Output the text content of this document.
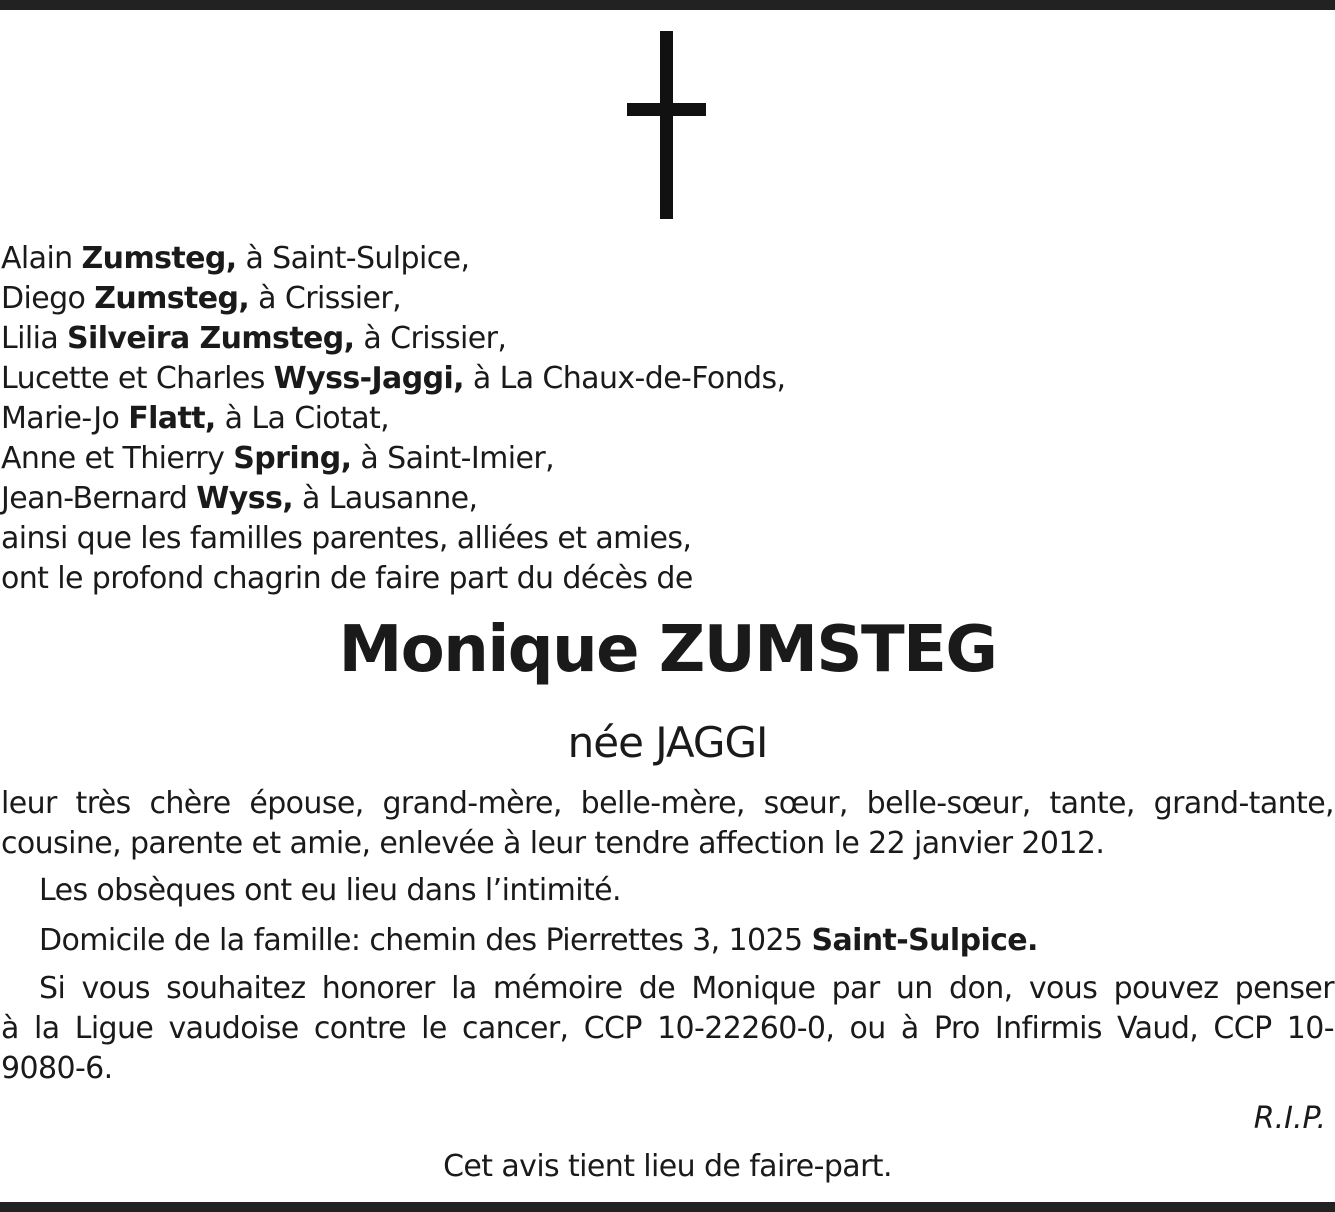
Alain Zumsteg, à Saint-Sulpice,
Diego Zumsteg, à Crissier,
Lilia Silveira Zumsteg, à Crissier,
Lucette et Charles Wyss-Jaggi, à La Chaux-de-Fonds,
Marie-Jo Flatt, à La Ciotat,
Anne et Thierry Spring, à Saint-Imier,
Jean-Bernard Wyss, à Lausanne,
ainsi que les familles parentes, alliées et amies,
ont le profond chagrin de faire part du décès de
Monique ZUMSTEG
née JAGGI
leur très chère épouse, grand-mère, belle-mère, sœur, belle-sœur, tante, grand-tante,
cousine, parente et amie, enlevée à leur tendre affection le 22 janvier 2012.
Les obsèques ont eu lieu dans l’intimité.
Domicile de la famille: chemin des Pierrettes 3, 1025 Saint-Sulpice.
Si vous souhaitez honorer la mémoire de Monique par un don, vous pouvez penser
à la Ligue vaudoise contre le cancer, CCP 10-22260-0, ou à Pro Infirmis Vaud, CCP 10-
9080-6.
R.I.P.
Cet avis tient lieu de faire-part.
